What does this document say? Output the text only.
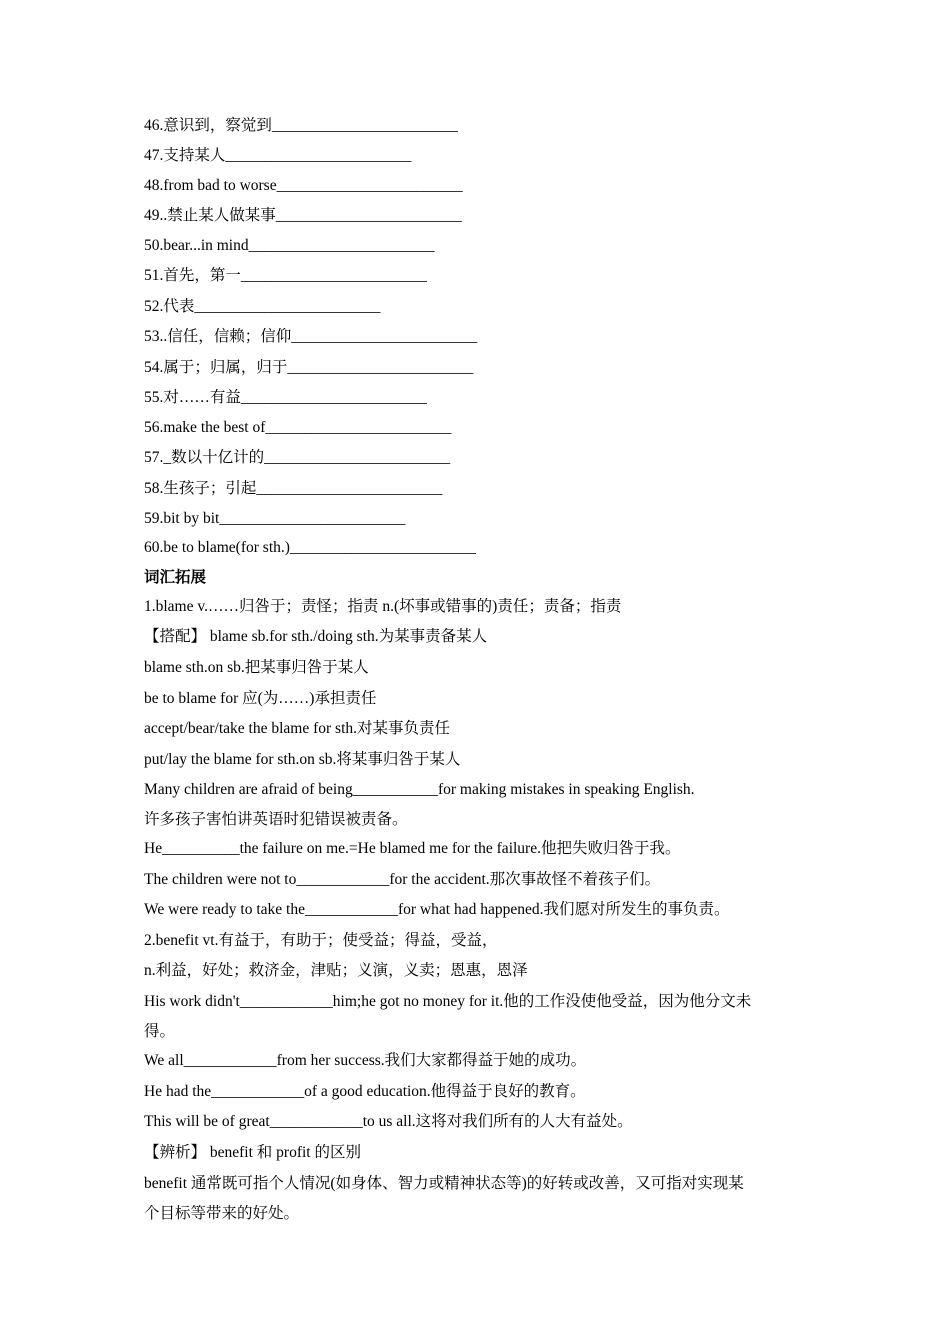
46.意识到，察觉到________________________
47.支持某人________________________
48.from bad to worse________________________
49..禁止某人做某事________________________
50.bear...in mind________________________
51.首先，第一________________________
52.代表________________________
53..信任，信赖；信仰________________________
54.属于；归属，归于________________________
55.对……有益________________________
56.make the best of________________________
57._数以十亿计的________________________
58.生孩子；引起________________________
59.bit by bit________________________
60.be to blame(for sth.)________________________
词汇拓展
1.blame v.……归咎于；责怪；指责 n.(坏事或错事的)责任；责备；指责
【搭配】 blame sb.for sth./doing sth.为某事责备某人
blame sth.on sb.把某事归咎于某人
be to blame for 应(为……)承担责任
accept/bear/take the blame for sth.对某事负责任
put/lay the blame for sth.on sb.将某事归咎于某人
Many children are afraid of being___________for making mistakes in speaking English.
许多孩子害怕讲英语时犯错误被责备。
He__________the failure on me.=He blamed me for the failure.他把失败归咎于我。
The children were not to____________for the accident.那次事故怪不着孩子们。
We were ready to take the____________for what had happened.我们愿对所发生的事负责。
2.benefit vt.有益于，有助于；使受益；得益，受益，
n.利益，好处；救济金，津贴；义演，义卖；恩惠，恩泽
His work didn't____________him;he got no money for it.他的工作没使他受益，因为他分文未
得。
We all____________from her success.我们大家都得益于她的成功。
He had the____________of a good education.他得益于良好的教育。
This will be of great____________to us all.这将对我们所有的人大有益处。
【辨析】 benefit 和 profit 的区别
benefit 通常既可指个人情况(如身体、智力或精神状态等)的好转或改善，又可指对实现某
个目标等带来的好处。
